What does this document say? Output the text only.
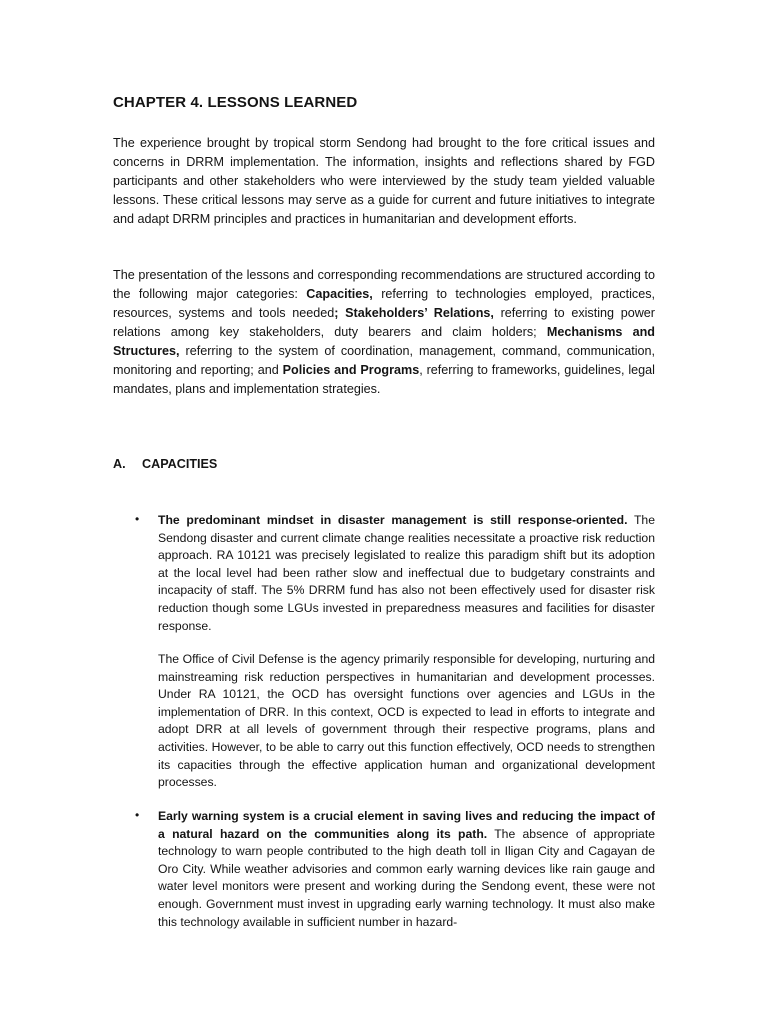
CHAPTER 4. LESSONS LEARNED

The experience brought by tropical storm Sendong had brought to the fore critical issues and concerns in DRRM implementation. The information, insights and reflections shared by FGD participants and other stakeholders who were interviewed by the study team yielded valuable lessons. These critical lessons may serve as a guide for current and future initiatives to integrate and adapt DRRM principles and practices in humanitarian and development efforts.

The presentation of the lessons and corresponding recommendations are structured according to the following major categories: Capacities, referring to technologies employed, practices, resources, systems and tools needed; Stakeholders’ Relations, referring to existing power relations among key stakeholders, duty bearers and claim holders; Mechanisms and Structures, referring to the system of coordination, management, command, communication, monitoring and reporting; and Policies and Programs, referring to frameworks, guidelines, legal mandates, plans and implementation strategies.

A. CAPACITIES
• The predominant mindset in disaster management is still response-oriented. The Sendong disaster and current climate change realities necessitate a proactive risk reduction approach. RA 10121 was precisely legislated to realize this paradigm shift but its adoption at the local level had been rather slow and ineffectual due to budgetary constraints and incapacity of staff. The 5% DRRM fund has also not been effectively used for disaster risk reduction though some LGUs invested in preparedness measures and facilities for disaster response.

The Office of Civil Defense is the agency primarily responsible for developing, nurturing and mainstreaming risk reduction perspectives in humanitarian and development processes. Under RA 10121, the OCD has oversight functions over agencies and LGUs in the implementation of DRR. In this context, OCD is expected to lead in efforts to integrate and adopt DRR at all levels of government through their respective programs, plans and activities. However, to be able to carry out this function effectively, OCD needs to strengthen its capacities through the effective application human and organizational development processes.

• Early warning system is a crucial element in saving lives and reducing the impact of a natural hazard on the communities along its path. The absence of appropriate technology to warn people contributed to the high death toll in Iligan City and Cagayan de Oro City. While weather advisories and common early warning devices like rain gauge and water level monitors were present and working during the Sendong event, these were not enough. Government must invest in upgrading early warning technology. It must also make this technology available in sufficient number in hazard-
